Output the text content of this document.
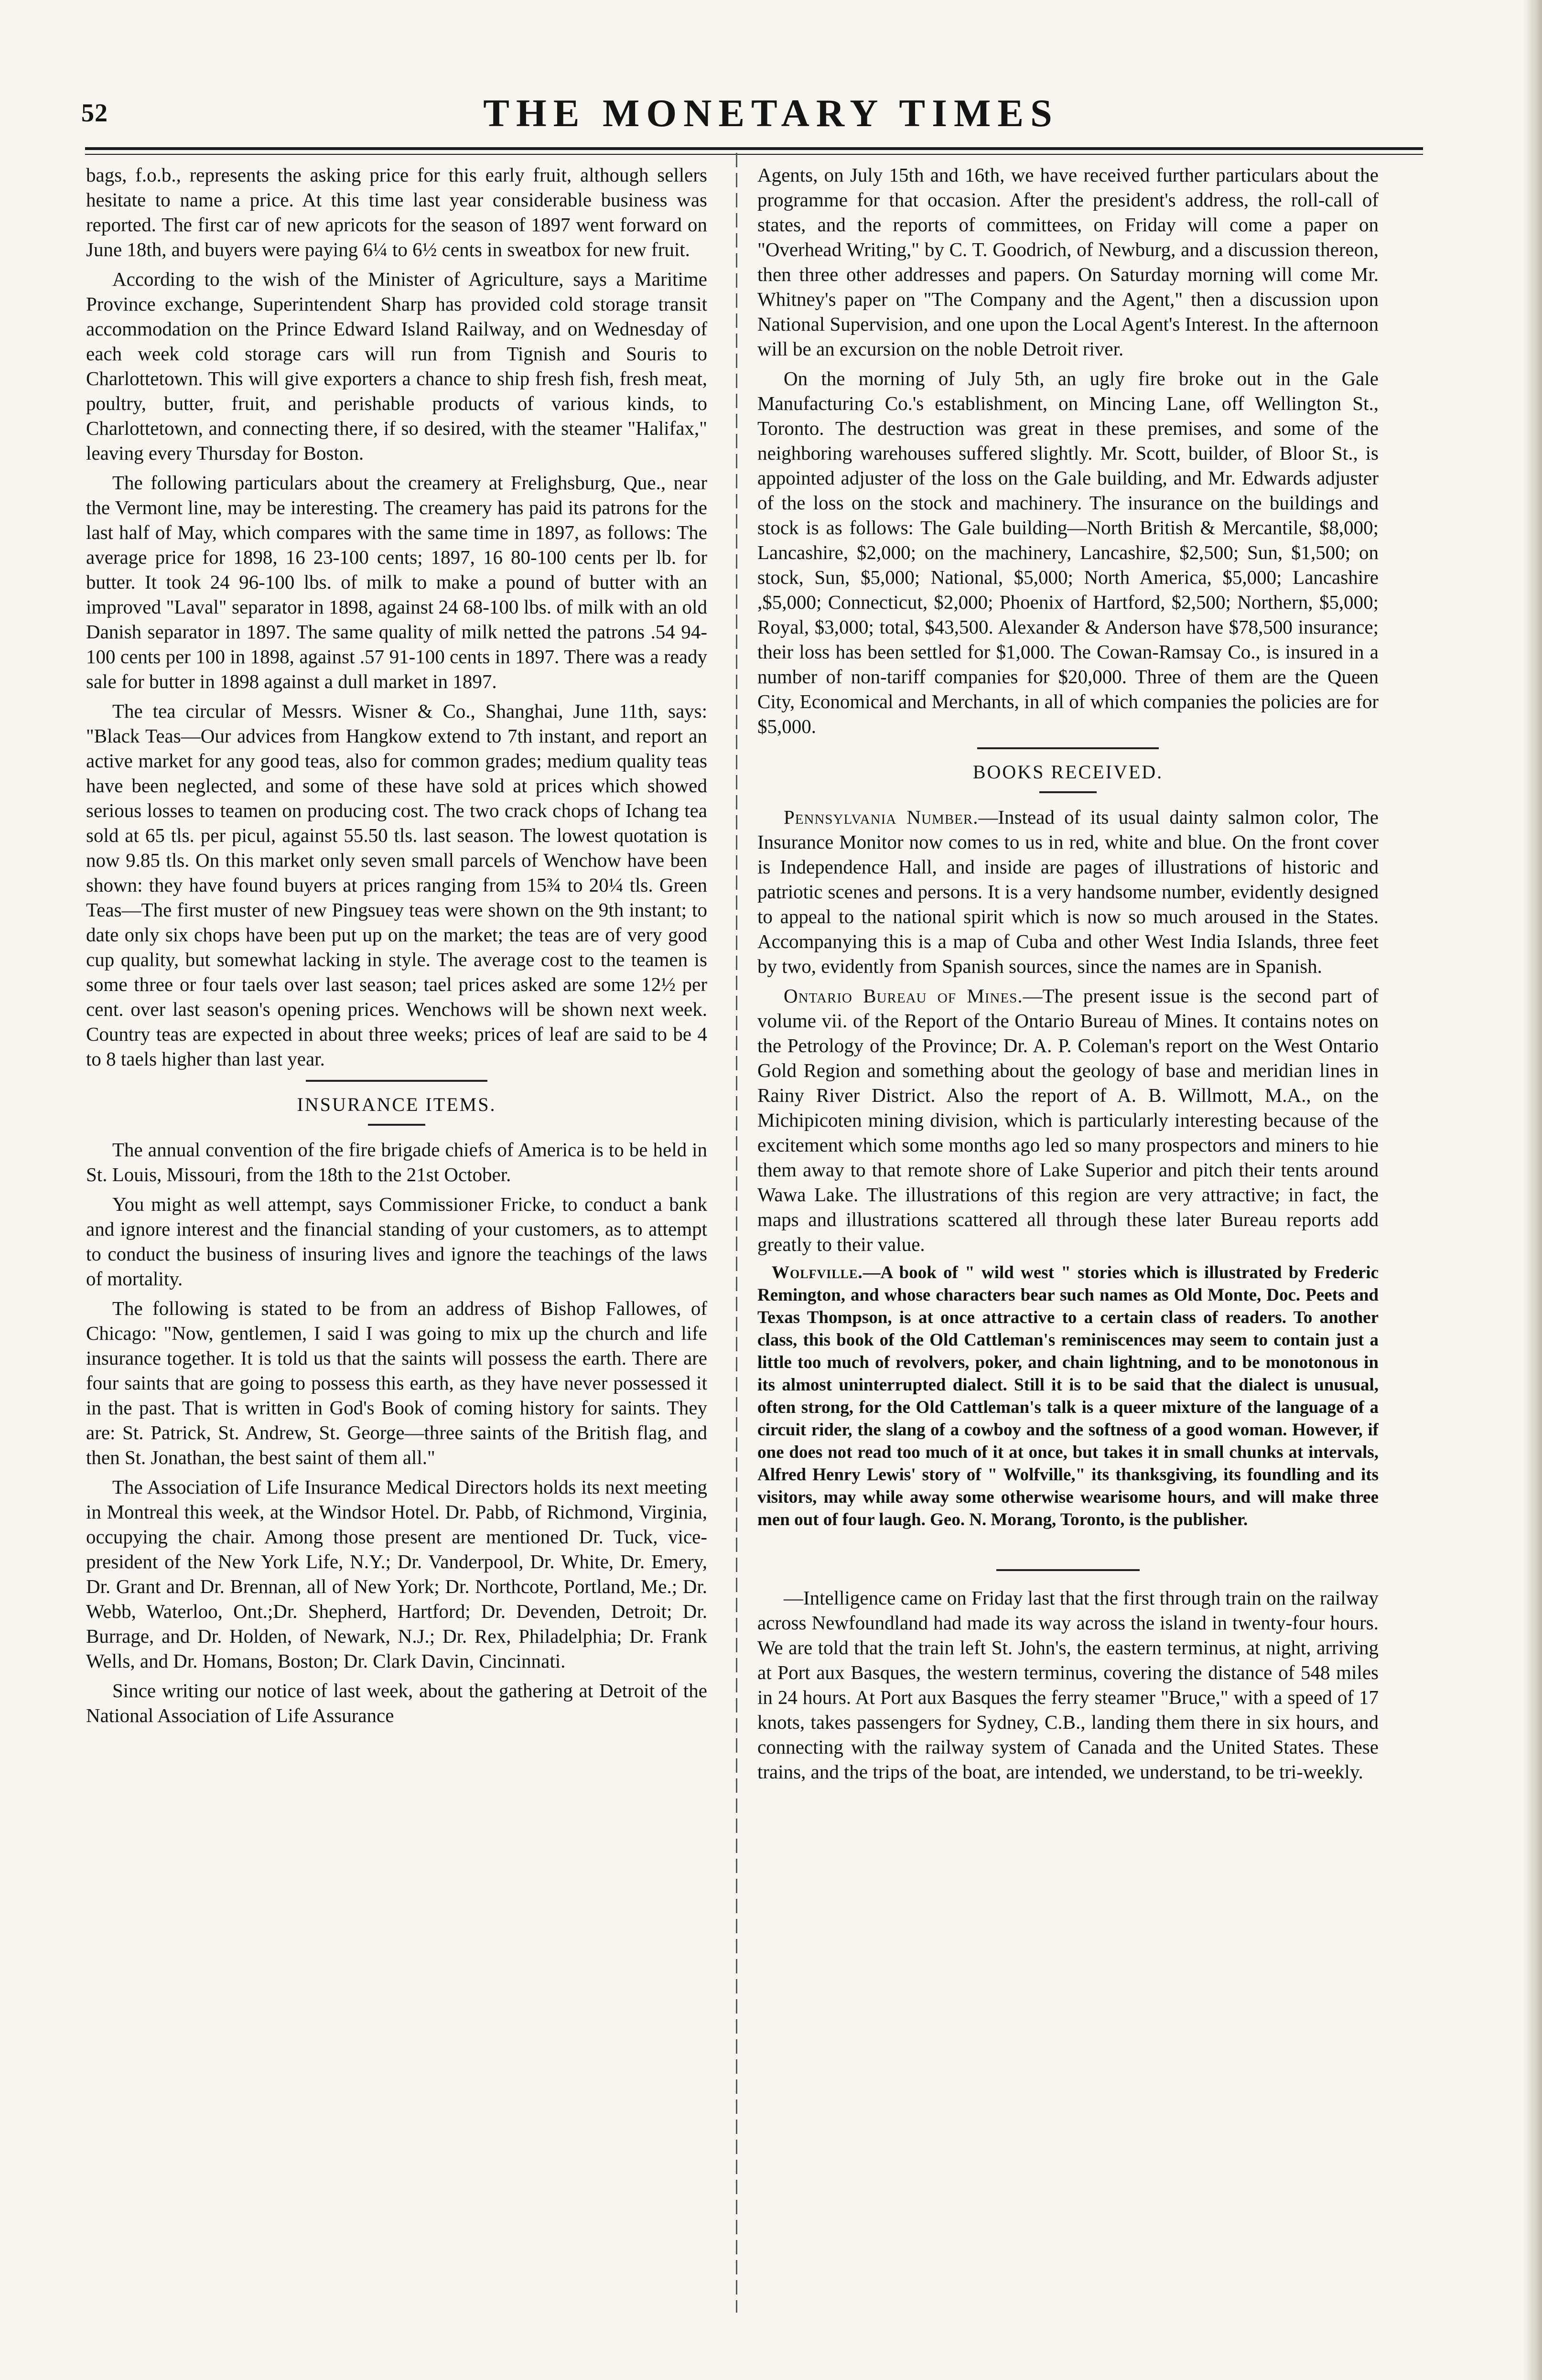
52	THE MONETARY TIMES

bags, f.o.b., represents the asking price for this early fruit, although sellers hesitate to name a price. At this time last year considerable business was reported. The first car of new apricots for the season of 1897 went forward on June 18th, and buyers were paying 6¼ to 6½ cents in sweatbox for new fruit.

According to the wish of the Minister of Agriculture, says a Maritime Province exchange, Superintendent Sharp has provided cold storage transit accommodation on the Prince Edward Island Railway, and on Wednesday of each week cold storage cars will run from Tignish and Souris to Charlottetown. This will give exporters a chance to ship fresh fish, fresh meat, poultry, butter, fruit, and perishable products of various kinds, to Charlottetown, and connecting there, if so desired, with the steamer "Halifax," leaving every Thursday for Boston.

The following particulars about the creamery at Frelighsburg, Que., near the Vermont line, may be interesting. The creamery has paid its patrons for the last half of May, which compares with the same time in 1897, as follows: The average price for 1898, 16 23-100 cents; 1897, 16 80-100 cents per lb. for butter. It took 24 96-100 lbs. of milk to make a pound of butter with an improved "Laval" separator in 1898, against 24 68-100 lbs. of milk with an old Danish separator in 1897. The same quality of milk netted the patrons .54 94-100 cents per 100 in 1898, against .57 91-100 cents in 1897. There was a ready sale for butter in 1898 against a dull market in 1897.

The tea circular of Messrs. Wisner & Co., Shanghai, June 11th, says: "Black Teas—Our advices from Hangkow extend to 7th instant, and report an active market for any good teas, also for common grades; medium quality teas have been neglected, and some of these have sold at prices which showed serious losses to teamen on producing cost. The two crack chops of Ichang tea sold at 65 tls. per picul, against 55.50 tls. last season. The lowest quotation is now 9.85 tls. On this market only seven small parcels of Wenchow have been shown: they have found buyers at prices ranging from 15¾ to 20¼ tls. Green Teas—The first muster of new Pingsuey teas were shown on the 9th instant; to date only six chops have been put up on the market; the teas are of very good cup quality, but somewhat lacking in style. The average cost to the teamen is some three or four taels over last season; tael prices asked are some 12½ per cent. over last season's opening prices. Wenchows will be shown next week. Country teas are expected in about three weeks; prices of leaf are said to be 4 to 8 taels higher than last year.

INSURANCE ITEMS.

The annual convention of the fire brigade chiefs of America is to be held in St. Louis, Missouri, from the 18th to the 21st October.

You might as well attempt, says Commissioner Fricke, to conduct a bank and ignore interest and the financial standing of your customers, as to attempt to conduct the business of insuring lives and ignore the teachings of the laws of mortality.

The following is stated to be from an address of Bishop Fallowes, of Chicago: "Now, gentlemen, I said I was going to mix up the church and life insurance together. It is told us that the saints will possess the earth. There are four saints that are going to possess this earth, as they have never possessed it in the past. That is written in God's Book of coming history for saints. They are: St. Patrick, St. Andrew, St. George—three saints of the British flag, and then St. Jonathan, the best saint of them all."

The Association of Life Insurance Medical Directors holds its next meeting in Montreal this week, at the Windsor Hotel. Dr. Pabb, of Richmond, Virginia, occupying the chair. Among those present are mentioned Dr. Tuck, vice-president of the New York Life, N.Y.; Dr. Vanderpool, Dr. White, Dr. Emery, Dr. Grant and Dr. Brennan, all of New York; Dr. Northcote, Portland, Me.; Dr. Webb, Waterloo, Ont.;Dr. Shepherd, Hartford; Dr. Devenden, Detroit; Dr. Burrage, and Dr. Holden, of Newark, N.J.; Dr. Rex, Philadelphia; Dr. Frank Wells, and Dr. Homans, Boston; Dr. Clark Davin, Cincinnati.

Since writing our notice of last week, about the gathering at Detroit of the National Association of Life Assurance

Agents, on July 15th and 16th, we have received further particulars about the programme for that occasion. After the president's address, the roll-call of states, and the reports of committees, on Friday will come a paper on "Overhead Writing," by C. T. Goodrich, of Newburg, and a discussion thereon, then three other addresses and papers. On Saturday morning will come Mr. Whitney's paper on "The Company and the Agent," then a discussion upon National Supervision, and one upon the Local Agent's Interest. In the afternoon will be an excursion on the noble Detroit river.

On the morning of July 5th, an ugly fire broke out in the Gale Manufacturing Co.'s establishment, on Mincing Lane, off Wellington St., Toronto. The destruction was great in these premises, and some of the neighboring warehouses suffered slightly. Mr. Scott, builder, of Bloor St., is appointed adjuster of the loss on the Gale building, and Mr. Edwards adjuster of the loss on the stock and machinery. The insurance on the buildings and stock is as follows: The Gale building—North British & Mercantile, $8,000; Lancashire, $2,000; on the machinery, Lancashire, $2,500; Sun, $1,500; on stock, Sun, $5,000; National, $5,000; North America, $5,000; Lancashire ,$5,000; Connecticut, $2,000; Phoenix of Hartford, $2,500; Northern, $5,000; Royal, $3,000; total, $43,500. Alexander & Anderson have $78,500 insurance; their loss has been settled for $1,000. The Cowan-Ramsay Co., is insured in a number of non-tariff companies for $20,000. Three of them are the Queen City, Economical and Merchants, in all of which companies the policies are for $5,000.

BOOKS RECEIVED.

Pennsylvania Number.—Instead of its usual dainty salmon color, The Insurance Monitor now comes to us in red, white and blue. On the front cover is Independence Hall, and inside are pages of illustrations of historic and patriotic scenes and persons. It is a very handsome number, evidently designed to appeal to the national spirit which is now so much aroused in the States. Accompanying this is a map of Cuba and other West India Islands, three feet by two, evidently from Spanish sources, since the names are in Spanish.

Ontario Bureau of Mines.—The present issue is the second part of volume vii. of the Report of the Ontario Bureau of Mines. It contains notes on the Petrology of the Province; Dr. A. P. Coleman's report on the West Ontario Gold Region and something about the geology of base and meridian lines in Rainy River District. Also the report of A. B. Willmott, M.A., on the Michipicoten mining division, which is particularly interesting because of the excitement which some months ago led so many prospectors and miners to hie them away to that remote shore of Lake Superior and pitch their tents around Wawa Lake. The illustrations of this region are very attractive; in fact, the maps and illustrations scattered all through these later Bureau reports add greatly to their value.

Wolfville.—A book of " wild west " stories which is illustrated by Frederic Remington, and whose characters bear such names as Old Monte, Doc. Peets and Texas Thompson, is at once attractive to a certain class of readers. To another class, this book of the Old Cattleman's reminiscences may seem to contain just a little too much of revolvers, poker, and chain lightning, and to be monotonous in its almost uninterrupted dialect. Still it is to be said that the dialect is unusual, often strong, for the Old Cattleman's talk is a queer mixture of the language of a circuit rider, the slang of a cowboy and the softness of a good woman. However, if one does not read too much of it at once, but takes it in small chunks at intervals, Alfred Henry Lewis' story of " Wolfville," its thanksgiving, its foundling and its visitors, may while away some otherwise wearisome hours, and will make three men out of four laugh. Geo. N. Morang, Toronto, is the publisher.

—Intelligence came on Friday last that the first through train on the railway across Newfoundland had made its way across the island in twenty-four hours. We are told that the train left St. John's, the eastern terminus, at night, arriving at Port aux Basques, the western terminus, covering the distance of 548 miles in 24 hours. At Port aux Basques the ferry steamer "Bruce," with a speed of 17 knots, takes passengers for Sydney, C.B., landing them there in six hours, and connecting with the railway system of Canada and the United States. These trains, and the trips of the boat, are intended, we understand, to be tri-weekly.
